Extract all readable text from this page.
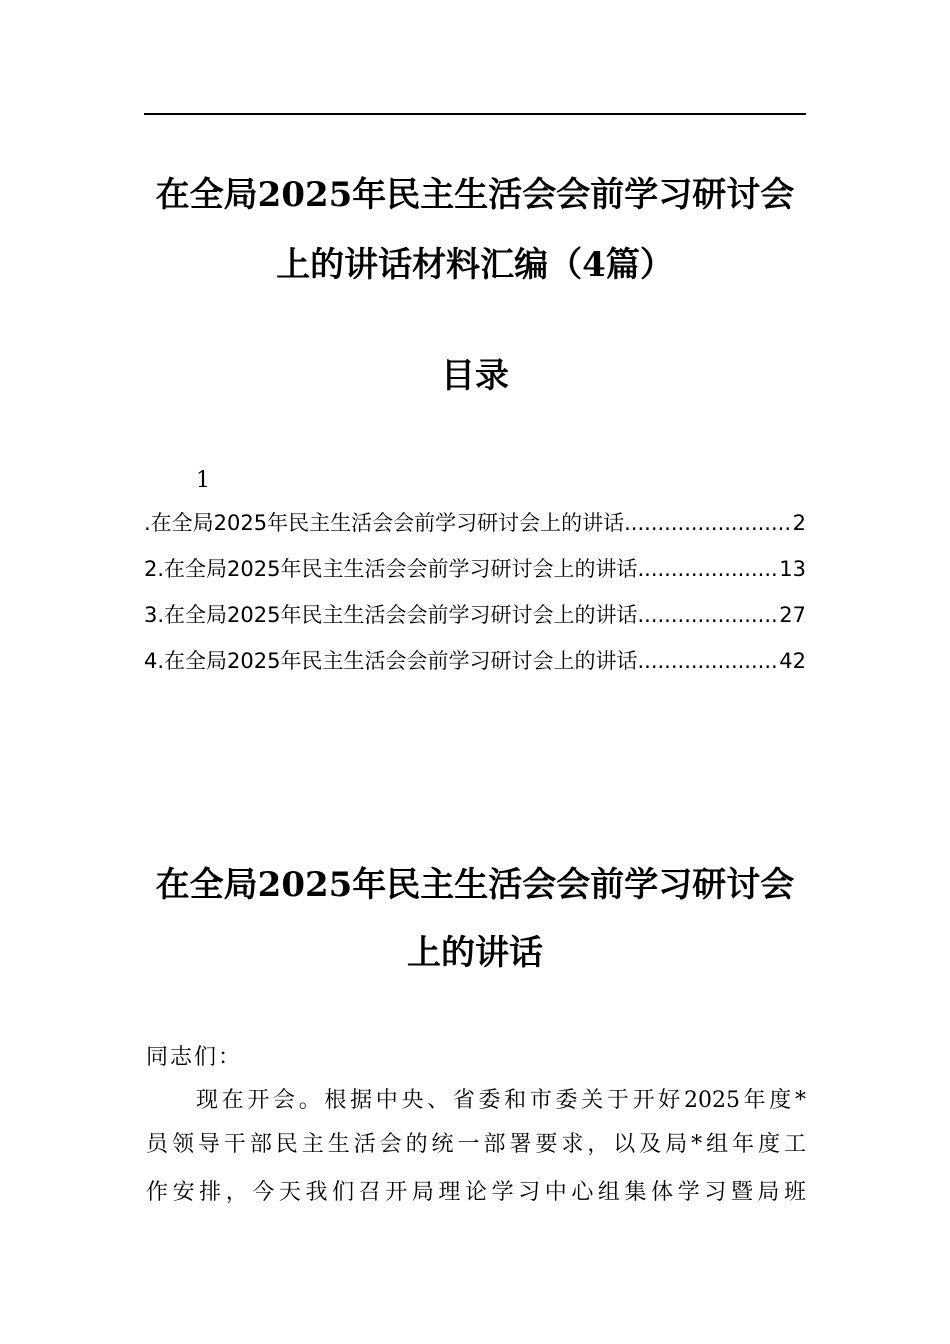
在全局2025年民主生活会会前学习研讨会
上的讲话材料汇编（4篇）
目录
1
.在全局2025年民主生活会会前学习研讨会上的讲话 .....	2
2.在全局2025年民主生活会会前学习研讨会上的讲话 .....	13
3.在全局2025年民主生活会会前学习研讨会上的讲话 .....	27
4.在全局2025年民主生活会会前学习研讨会上的讲话 .....	42
在全局2025年民主生活会会前学习研讨会
上的讲话
同志们：
现在开会。根据中央、省委和市委关于开好2025年度*
员领导干部民主生活会的统一部署要求，以及局*组年度工
作安排，今天我们召开局理论学习中心组集体学习暨局班
